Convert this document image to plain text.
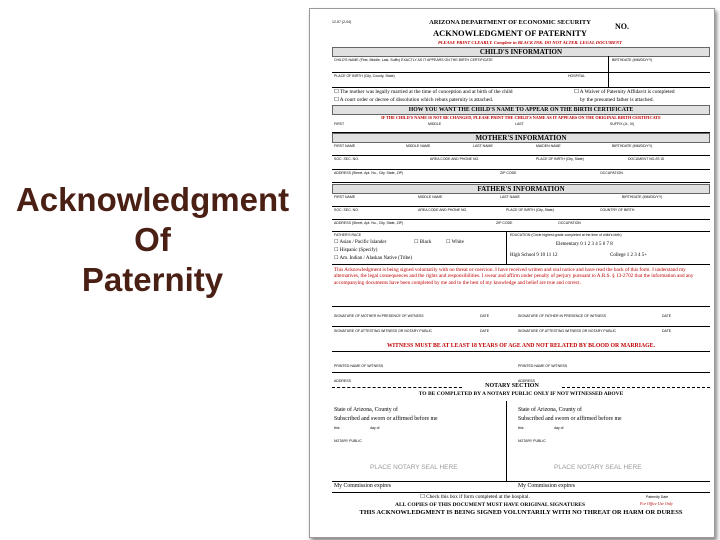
Acknowledgment
Of
Paternity
12-57 (2-04)	ARIZONA DEPARTMENT OF ECONOMIC SECURITY	NO.
ACKNOWLEDGMENT OF PATERNITY
PLEASE PRINT CLEARLY. Complete in BLACK INK. DO NOT ALTER. LEGAL DOCUMENT
CHILD'S INFORMATION
CHILD'S NAME (First, Middle, Last, Suffix) EXACTLY AS IT APPEARS ON THE BIRTH CERTIFICATE	BIRTHDATE (MM/DD/YY)
PLACE OF BIRTH (City, County, State)	HOSPITAL
☐ The mother was legally married at the time of conception and at birth of the child	☐ A Waiver of Paternity Affidavit is completed
☐ A court order or decree of dissolution which rebuts paternity is attached.	by the presumed father is attached.
HOW YOU WANT THE CHILD'S NAME TO APPEAR ON THE BIRTH CERTIFICATE
IF THE CHILD'S NAME IS NOT BE CHANGED, PLEASE PRINT THE CHILD'S NAME AS IT APPEARS ON THE ORIGINAL BIRTH CERTIFICATE
FIRST	MIDDLE	LAST	SUFFIX (Jr., III)
MOTHER'S INFORMATION
FIRST NAME	MIDDLE NAME	LAST NAME	MAIDEN NAME	BIRTHDATE (MM/DD/YY)
SOC. SEC. NO.	AREA CODE AND PHONE NO.	PLACE OF BIRTH (City, State)	DOCUMENT NO./IS ID
ADDRESS (Street, Apt. No., City, State, ZIP)	ZIP CODE	OCCUPATION
FATHER'S INFORMATION
FIRST NAME	MIDDLE NAME	LAST NAME	BIRTHDATE (MM/DD/YY)
SOC. SEC. NO.	AREA CODE AND PHONE NO.	PLACE OF BIRTH (City, State)	COUNTRY OF BIRTH
ADDRESS (Street, Apt. No., City, State, ZIP)	ZIP CODE	OCCUPATION
FATHER'S RACE
☐ Asian / Pacific Islander	☐ Black	☐ White
☐ Hispanic (Specify)
☐ Am. Indian / Alaskan Native (Tribe)
EDUCATION (Circle highest grade completed at the time of child's birth)
Elementary 0 1 2 3 4 5 6 7 8
High School 9 10 11 12	College 1 2 3 4 5+
This Acknowledgment is being signed voluntarily with no threat or coercion. I have received written and oral notice and have read the back of this form. I understand my alternatives, the legal consequences and the rights and responsibilities. I swear and affirm under penalty of perjury pursuant to A.R.S. § 13-2702 that the information and any accompanying documents have been completed by me and to the best of my knowledge and belief are true and correct.
SIGNATURE OF MOTHER IN PRESENCE OF WITNESS	DATE	SIGNATURE OF FATHER IN PRESENCE OF WITNESS	DATE
SIGNATURE OF ATTESTING WITNESS OR NOTARY PUBLIC	DATE	SIGNATURE OF ATTESTING WITNESS OR NOTARY PUBLIC	DATE
WITNESS MUST BE AT LEAST 18 YEARS OF AGE AND NOT RELATED BY BLOOD OR MARRIAGE.
PRINTED NAME OF WITNESS	PRINTED NAME OF WITNESS
ADDRESS	ADDRESS
NOTARY SECTION
TO BE COMPLETED BY A NOTARY PUBLIC ONLY IF NOT WITNESSED ABOVE
State of Arizona, County of
Subscribed and sworn or affirmed before me
this	day of
NOTARY PUBLIC
PLACE NOTARY SEAL HERE
State of Arizona, County of
Subscribed and sworn or affirmed before me
this	day of
NOTARY PUBLIC
PLACE NOTARY SEAL HERE
My Commission expires	My Commission expires
☐ Check this box if form completed at the hospital.	Paternity Date
For Office Use Only
ALL COPIES OF THIS DOCUMENT MUST HAVE ORIGINAL SIGNATURES
THIS ACKNOWLEDGMENT IS BEING SIGNED VOLUNTARILY WITH NO THREAT OR HARM OR DURESS
